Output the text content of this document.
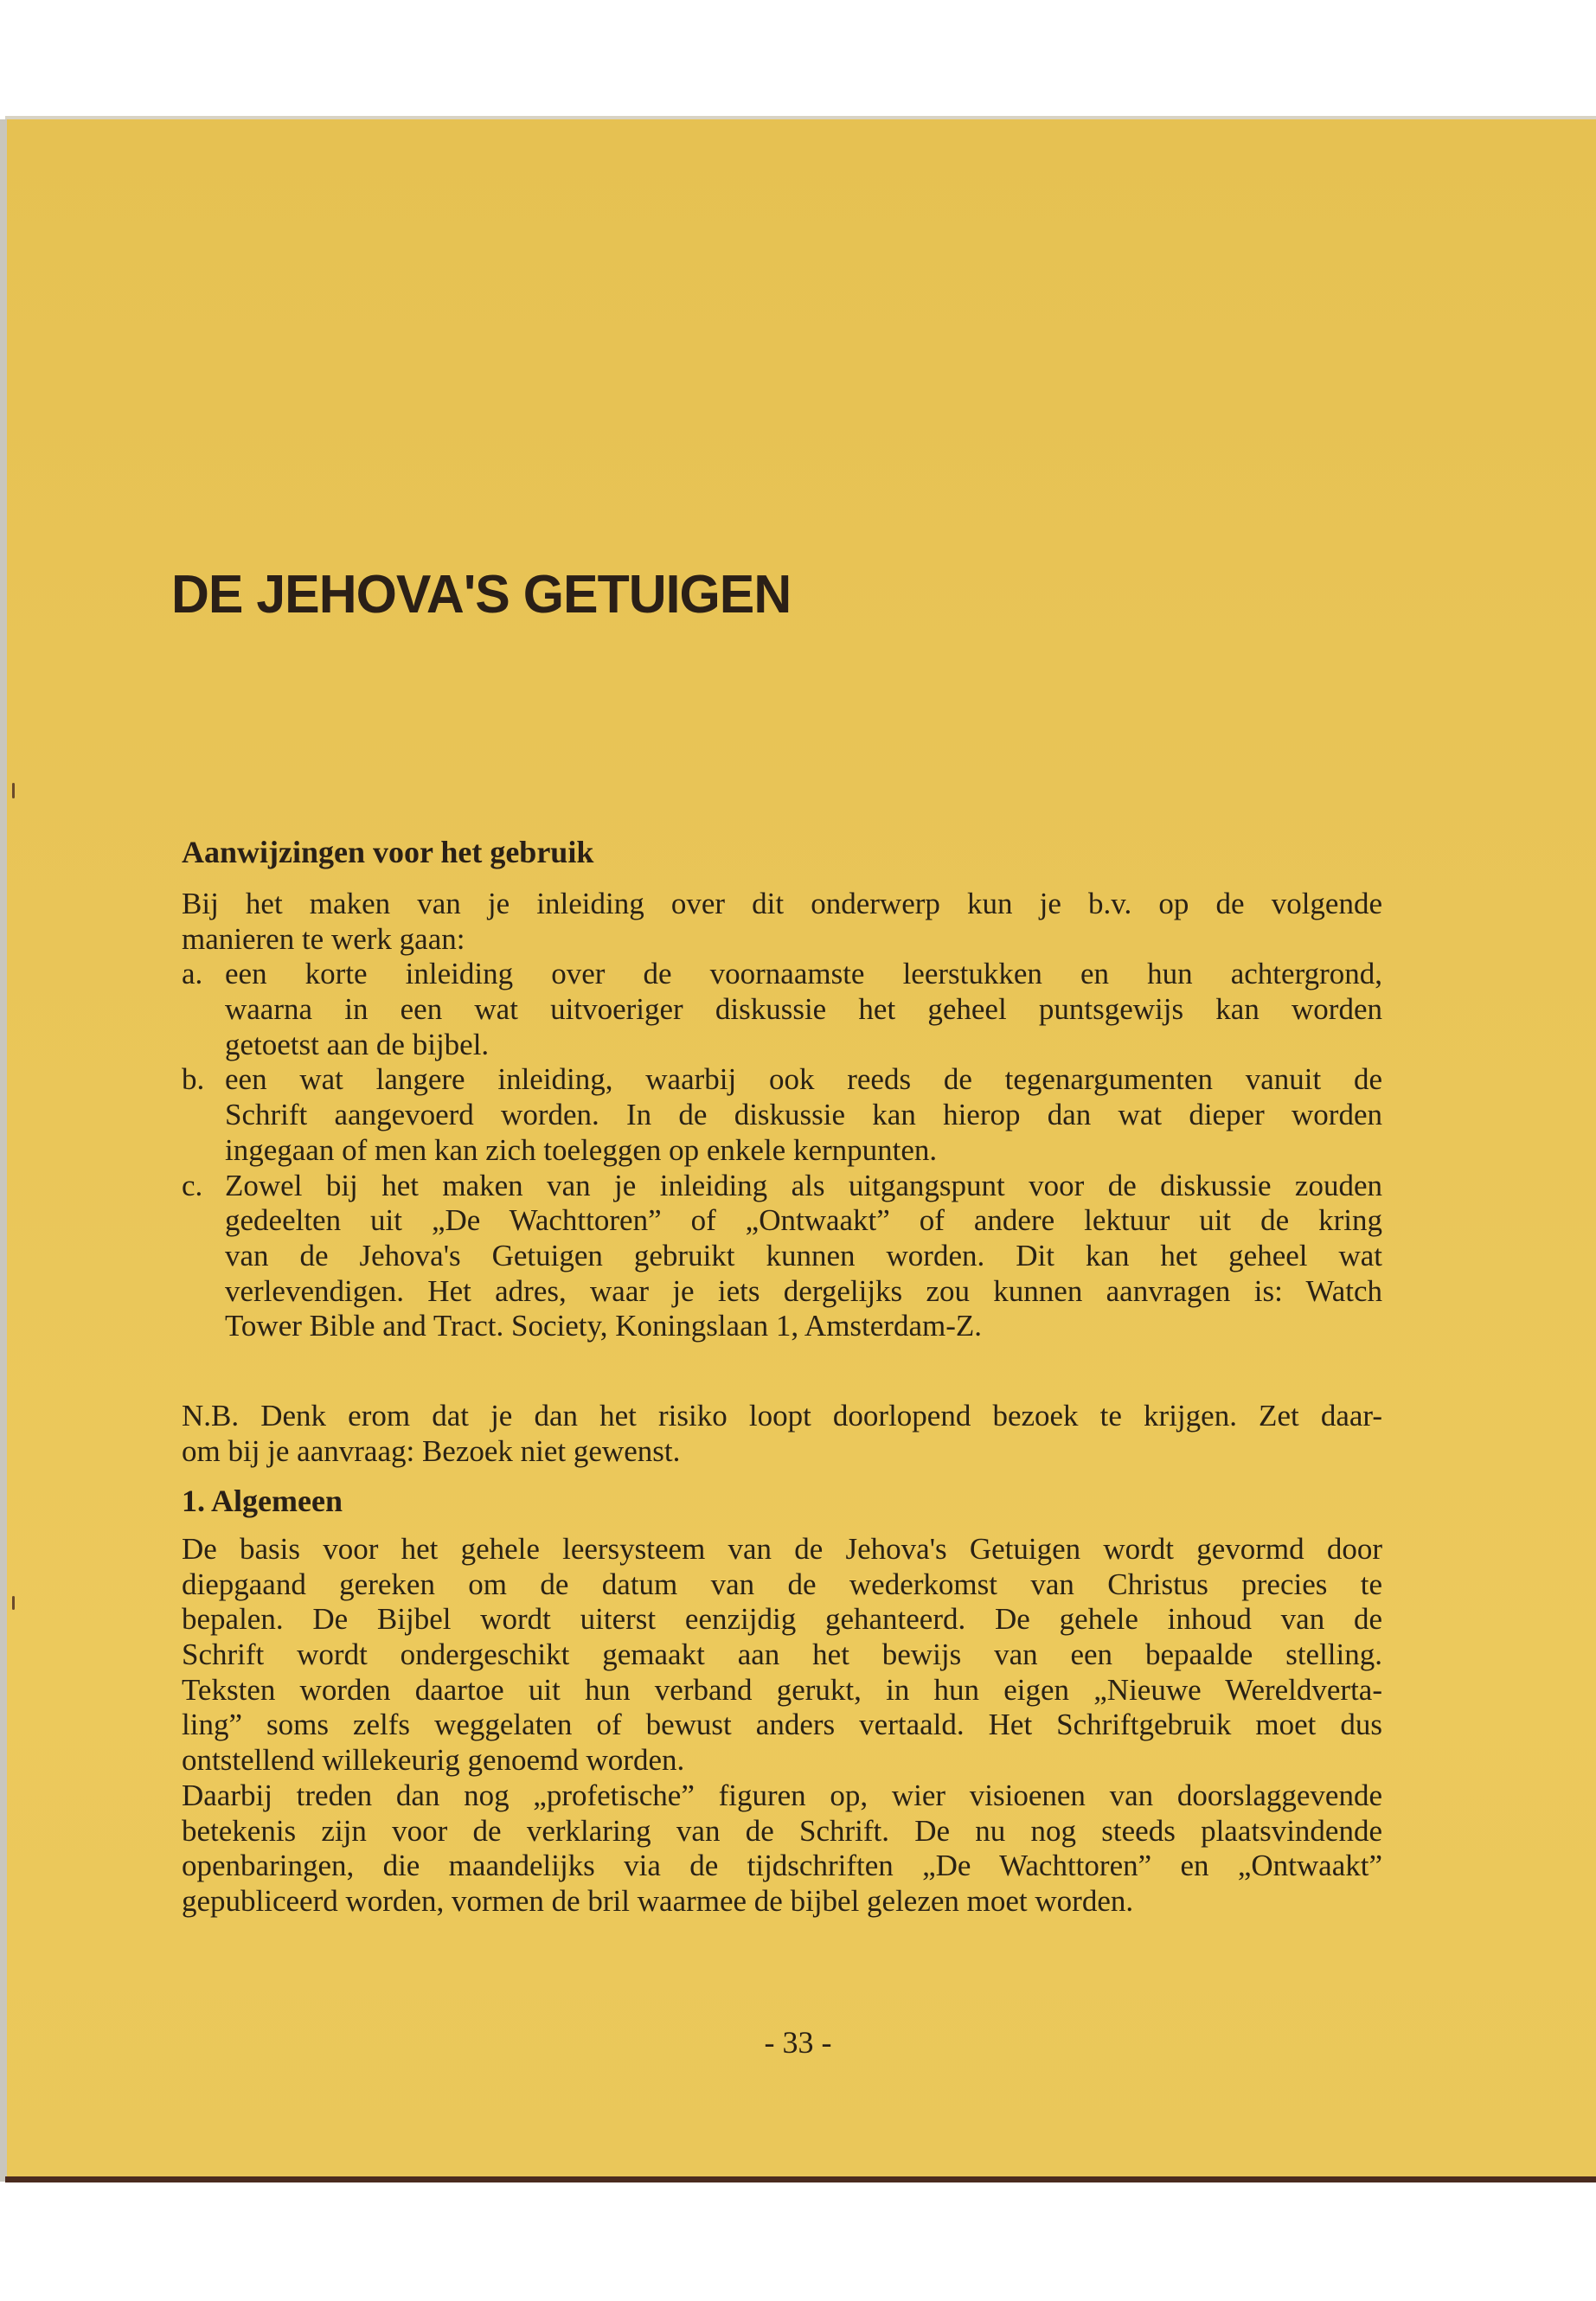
DE JEHOVA'S GETUIGEN
Aanwijzingen voor het gebruik
Bij het maken van je inleiding over dit onderwerp kun je b.v. op de volgende
manieren te werk gaan:
a. een korte inleiding over de voornaamste leerstukken en hun achtergrond,
waarna in een wat uitvoeriger diskussie het geheel puntsgewijs kan worden
getoetst aan de bijbel.
b. een wat langere inleiding, waarbij ook reeds de tegenargumenten vanuit de
Schrift aangevoerd worden. In de diskussie kan hierop dan wat dieper worden
ingegaan of men kan zich toeleggen op enkele kernpunten.
c. Zowel bij het maken van je inleiding als uitgangspunt voor de diskussie zouden
gedeelten uit „De Wachttoren” of „Ontwaakt” of andere lektuur uit de kring
van de Jehova's Getuigen gebruikt kunnen worden. Dit kan het geheel wat
verlevendigen. Het adres, waar je iets dergelijks zou kunnen aanvragen is: Watch
Tower Bible and Tract. Society, Koningslaan 1, Amsterdam-Z.
N.B. Denk erom dat je dan het risiko loopt doorlopend bezoek te krijgen. Zet daar-
om bij je aanvraag: Bezoek niet gewenst.
1. Algemeen
De basis voor het gehele leersysteem van de Jehova's Getuigen wordt gevormd door
diepgaand gereken om de datum van de wederkomst van Christus precies te
bepalen. De Bijbel wordt uiterst eenzijdig gehanteerd. De gehele inhoud van de
Schrift wordt ondergeschikt gemaakt aan het bewijs van een bepaalde stelling.
Teksten worden daartoe uit hun verband gerukt, in hun eigen „Nieuwe Wereldverta-
ling” soms zelfs weggelaten of bewust anders vertaald. Het Schriftgebruik moet dus
ontstellend willekeurig genoemd worden.
Daarbij treden dan nog „profetische” figuren op, wier visioenen van doorslaggevende
betekenis zijn voor de verklaring van de Schrift. De nu nog steeds plaatsvindende
openbaringen, die maandelijks via de tijdschriften „De Wachttoren” en „Ontwaakt”
gepubliceerd worden, vormen de bril waarmee de bijbel gelezen moet worden.
- 33 -
